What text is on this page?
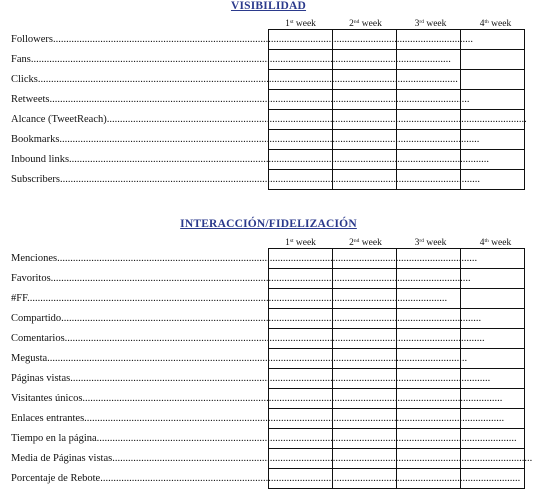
VISIBILIDAD
1st week	2nd week	3rd week	4th week
Followers................................................................................................................................................................
Fans................................................................................................................................................................
Clicks................................................................................................................................................................
Retweets................................................................................................................................................................
Alcance (TweetReach)................................................................................................................................................................
Bookmarks................................................................................................................................................................
Inbound links................................................................................................................................................................
Subscribers................................................................................................................................................................

INTERACCIÓN/FIDELIZACIÓN
1st week	2nd week	3rd week	4th week
Menciones................................................................................................................................................................
Favoritos................................................................................................................................................................
#FF................................................................................................................................................................
Compartido................................................................................................................................................................
Comentarios................................................................................................................................................................
Megusta................................................................................................................................................................
Páginas vistas................................................................................................................................................................
Visitantes únicos................................................................................................................................................................
Enlaces entrantes................................................................................................................................................................
Tiempo en la página................................................................................................................................................................
Media de Páginas vistas................................................................................................................................................................
Porcentaje de Rebote................................................................................................................................................................
